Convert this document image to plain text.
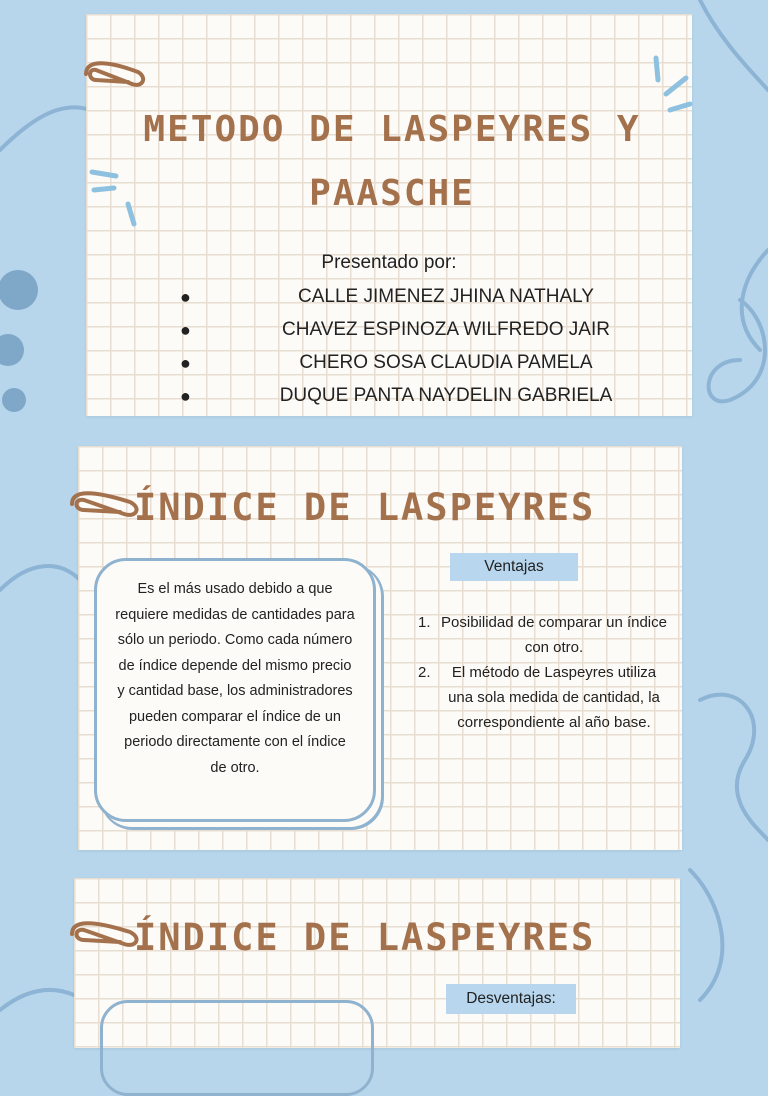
METODO DE LASPEYRES Y
PAASCHE
Presentado por:
●	CALLE JIMENEZ JHINA NATHALY
●	CHAVEZ ESPINOZA WILFREDO JAIR
●	CHERO SOSA CLAUDIA PAMELA
●	DUQUE PANTA NAYDELIN GABRIELA
ÍNDICE DE LASPEYRES
Es el más usado debido a que requiere medidas de cantidades para sólo un periodo. Como cada número de índice depende del mismo precio y cantidad base, los administradores pueden comparar el índice de un periodo directamente con el índice de otro.
Ventajas
1. Posibilidad de comparar un índice con otro.
2. El método de Laspeyres utiliza una sola medida de cantidad, la correspondiente al año base.
ÍNDICE DE LASPEYRES
Desventajas:
